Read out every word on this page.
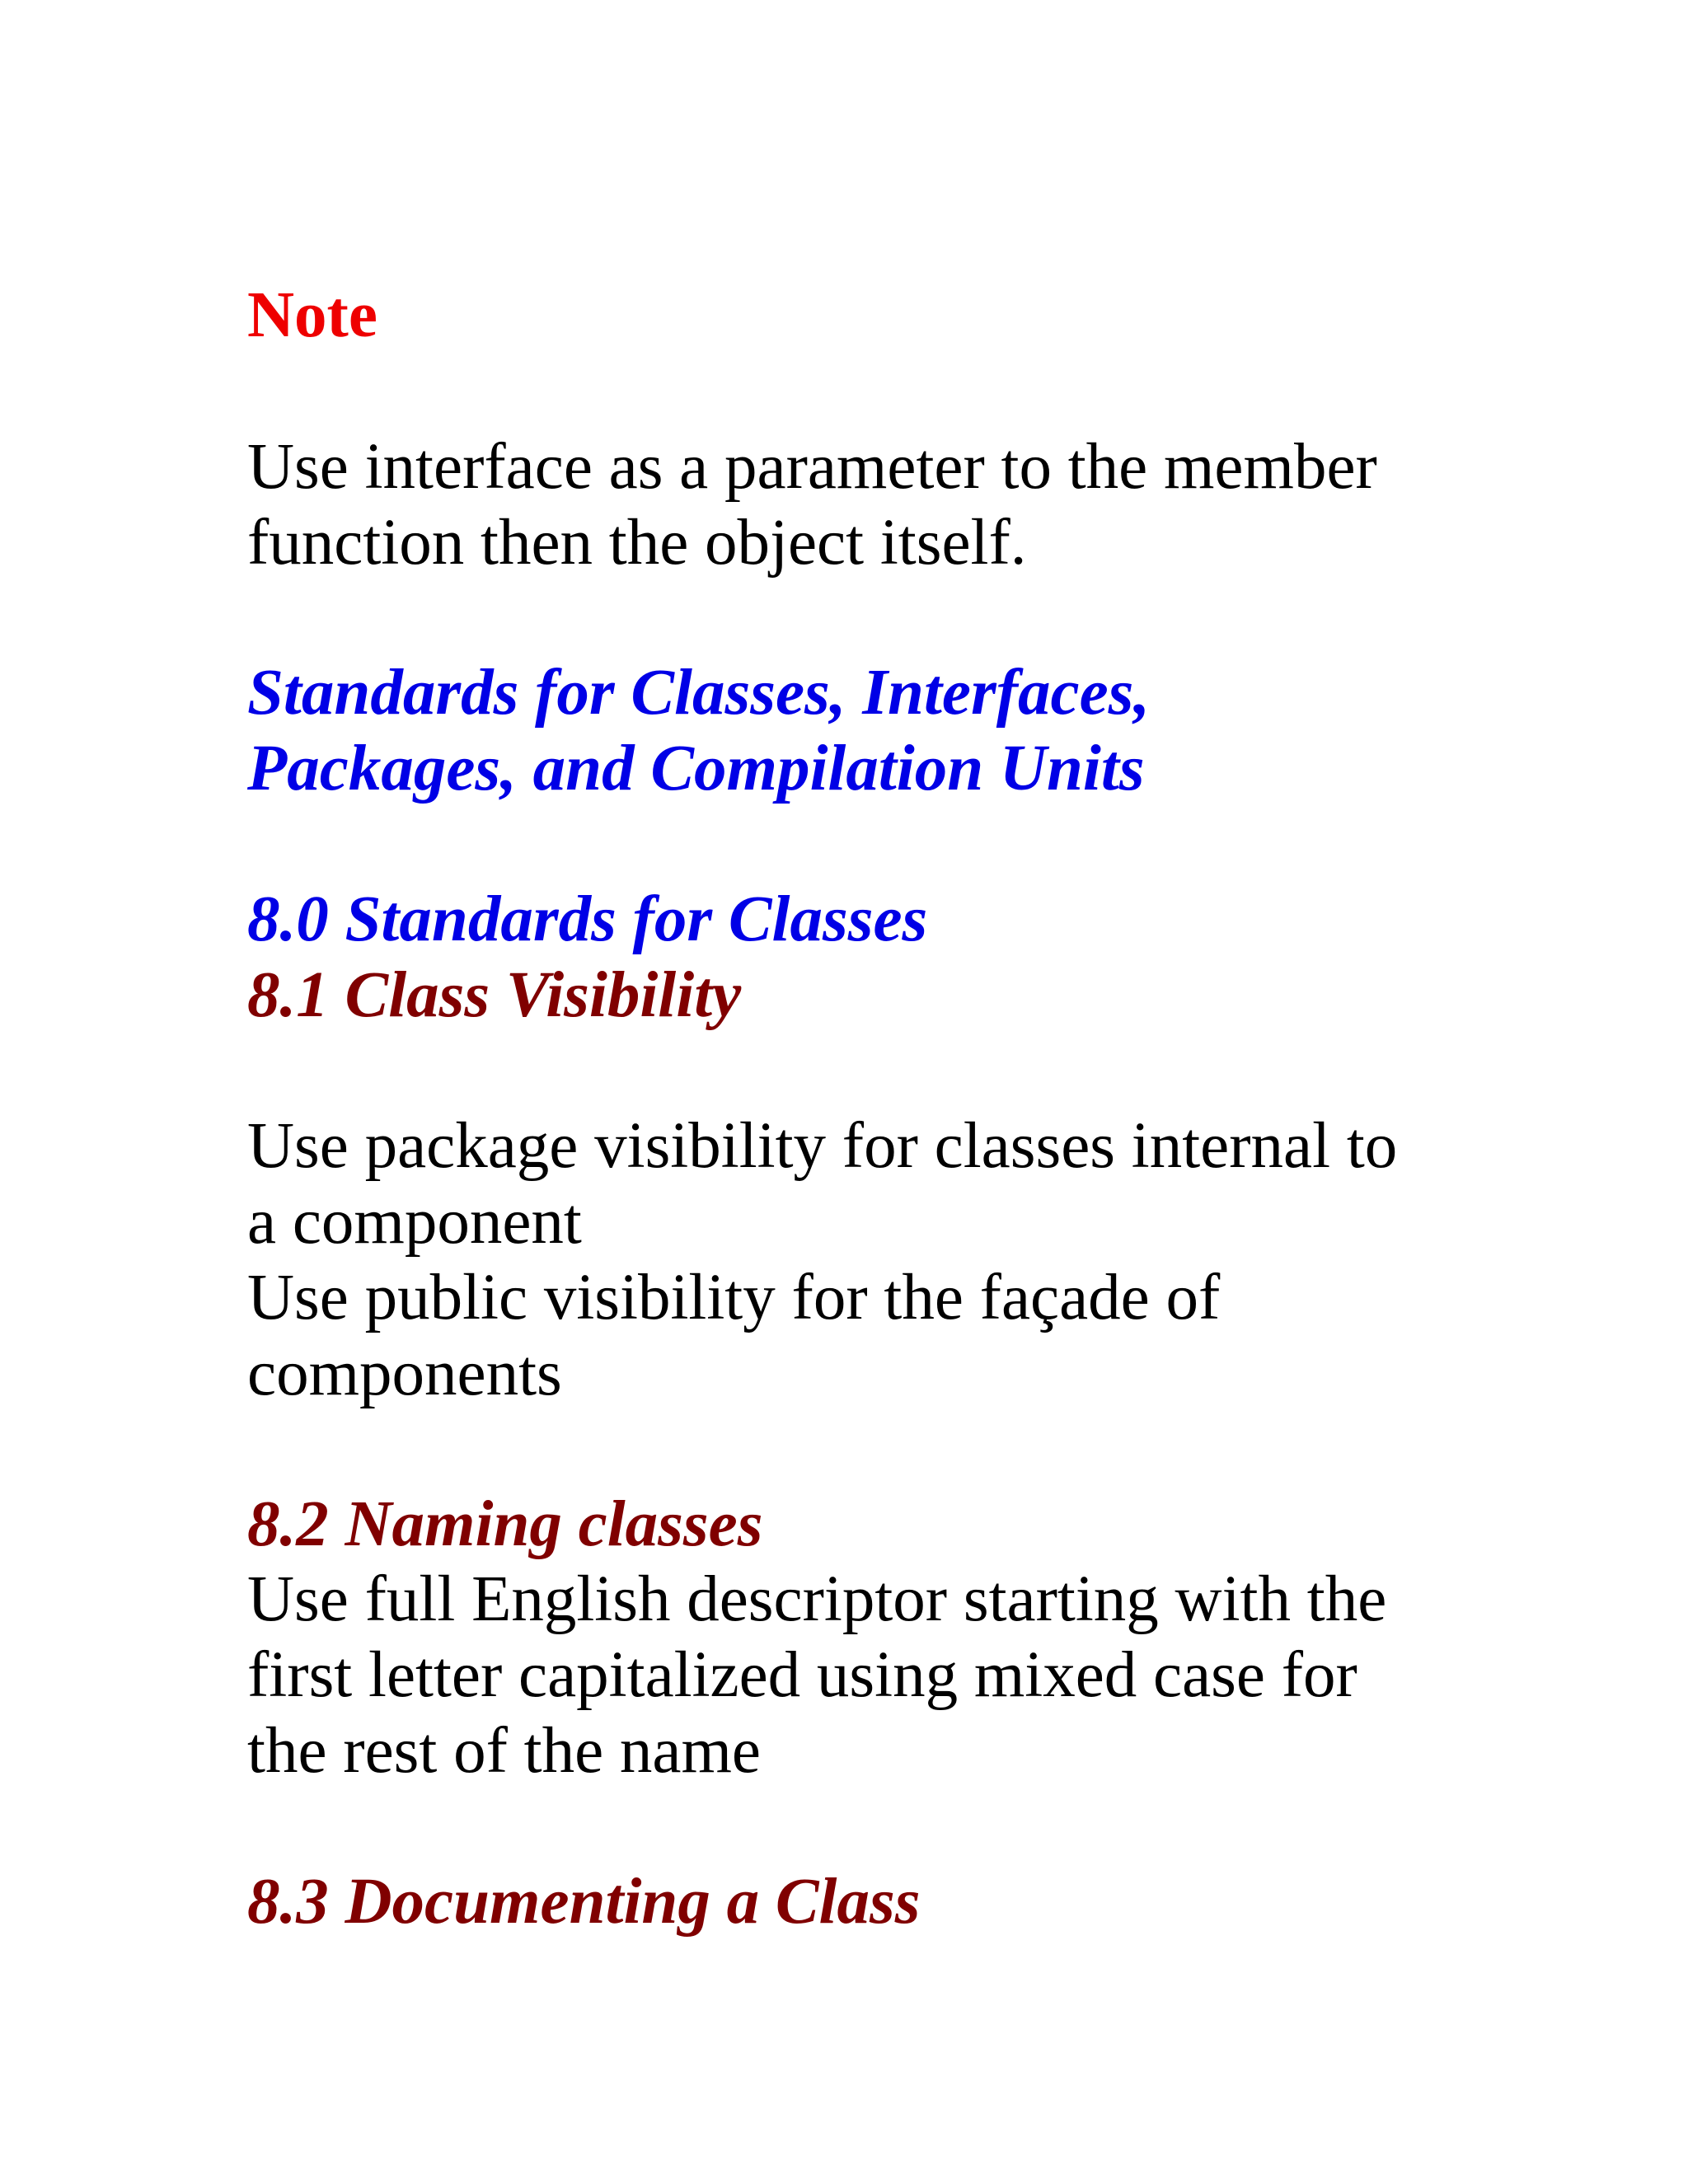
Note
Use interface as a parameter to the member
function then the object itself.
Standards for Classes, Interfaces,
Packages, and Compilation Units
8.0 Standards for Classes
8.1 Class Visibility
Use package visibility for classes internal to
a component
Use public visibility for the façade of
components
8.2 Naming classes
Use full English descriptor starting with the
first letter capitalized using mixed case for
the rest of the name
8.3 Documenting a Class
